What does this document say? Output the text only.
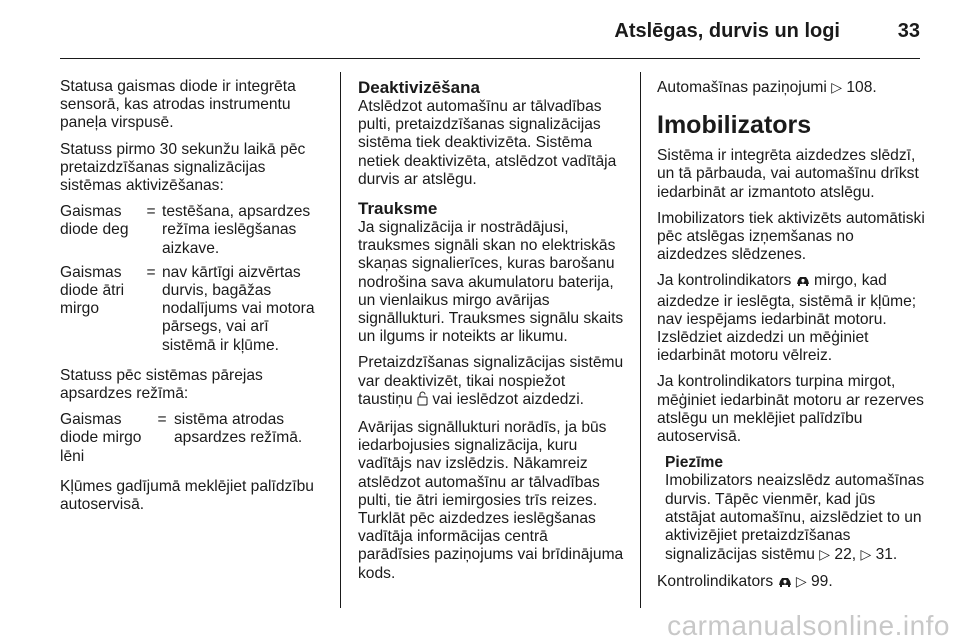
Atslēgas, durvis un logi	33

Statusa gaismas diode ir integrēta sensorā, kas atrodas instrumentu paneļa virspusē.

Statuss pirmo 30 sekunžu laikā pēc pretaizdzīšanas signalizācijas sistēmas aktivizēšanas:

Gaismas diode deg
= testēšana, apsardzes režīma ieslēgšanas aizkave.
Gaismas diode ātri mirgo
= nav kārtīgi aizvērtas durvis, bagāžas nodalījums vai motora pārsegs, vai arī sistēmā ir kļūme.

Statuss pēc sistēmas pārejas apsardzes režīmā:

Gaismas diode mirgo lēni
= sistēma atrodas apsardzes režīmā.

Kļūmes gadījumā meklējiet palīdzību autoservisā.

Deaktivizēšana

Atslēdzot automašīnu ar tālvadības pulti, pretaizdzīšanas signalizācijas sistēma tiek deaktivizēta. Sistēma netiek deaktivizēta, atslēdzot vadītāja durvis ar atslēgu.

Trauksme

Ja signalizācija ir nostrādājusi, trauksmes signāli skan no elektriskās skaņas signalierīces, kuras barošanu nodrošina sava akumulatoru baterija, un vienlaikus mirgo avārijas signāllukturi. Trauksmes signālu skaits un ilgums ir noteikts ar likumu.

Pretaizdzīšanas signalizācijas sistēmu var deaktivizēt, tikai nospiežot taustiņu vai ieslēdzot aizdedzi.

Avārijas signāllukturi norādīs, ja būs iedarbojusies signalizācija, kuru vadītājs nav izslēdzis. Nākamreiz atslēdzot automašīnu ar tālvadības pulti, tie ātri iemirgosies trīs reizes. Turklāt pēc aizdedzes ieslēgšanas vadītāja informācijas centrā parādīsies paziņojums vai brīdinājuma kods.

Automašīnas paziņojumi ▷ 108.

Imobilizators

Sistēma ir integrēta aizdedzes slēdzī, un tā pārbauda, vai automašīnu drīkst iedarbināt ar izmantoto atslēgu.

Imobilizators tiek aktivizēts automātiski pēc atslēgas izņemšanas no aizdedzes slēdzenes.

Ja kontrolindikators mirgo, kad aizdedze ir ieslēgta, sistēmā ir kļūme; nav iespējams iedarbināt motoru. Izslēdziet aizdedzi un mēģiniet iedarbināt motoru vēlreiz.

Ja kontrolindikators turpina mirgot, mēģiniet iedarbināt motoru ar rezerves atslēgu un meklējiet palīdzību autoservisā.

Piezīme
Imobilizators neaizslēdz automašīnas durvis. Tāpēc vienmēr, kad jūs atstājat automašīnu, aizslēdziet to un aktivizējiet pretaizdzīšanas signalizācijas sistēmu ▷ 22, ▷ 31.

Kontrolindikators ▷ 99.

carmanualsonline.info
